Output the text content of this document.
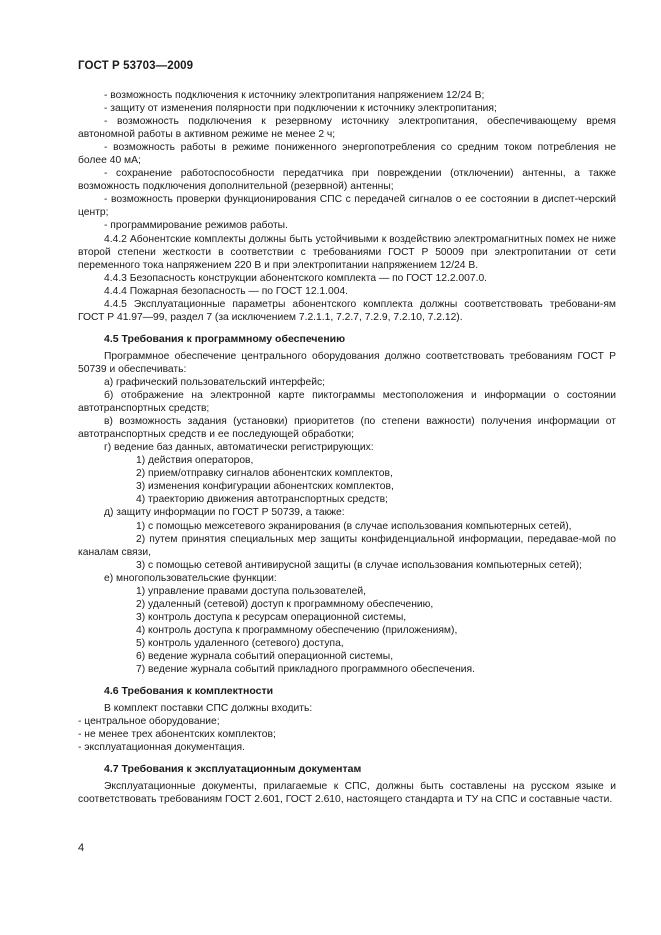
ГОСТ Р 53703—2009

- возможность подключения к источнику электропитания напряжением 12/24 В;

- защиту от изменения полярности при подключении к источнику электропитания;

- возможность подключения к резервному источнику электропитания, обеспечивающему время автономной работы в активном режиме не менее 2 ч;

- возможность работы в режиме пониженного энергопотребления со средним током потребления не более 40 мА;

- сохранение работоспособности передатчика при повреждении (отключении) антенны, а также возможность подключения дополнительной (резервной) антенны;

- возможность проверки функционирования СПС с передачей сигналов о ее состоянии в диспет-черский центр;

- программирование режимов работы.

4.4.2 Абонентские комплекты должны быть устойчивыми к воздействию электромагнитных помех не ниже второй степени жесткости в соответствии с требованиями ГОСТ Р 50009 при электропитании от сети переменного тока напряжением 220 В и при электропитании напряжением 12/24 В.

4.4.3 Безопасность конструкции абонентского комплекта — по ГОСТ 12.2.007.0.

4.4.4 Пожарная безопасность — по ГОСТ 12.1.004.

4.4.5 Эксплуатационные параметры абонентского комплекта должны соответствовать требовани-ям ГОСТ Р 41.97—99, раздел 7 (за исключением 7.2.1.1, 7.2.7, 7.2.9, 7.2.10, 7.2.12).

4.5 Требования к программному обеспечению

Программное обеспечение центрального оборудования должно соответствовать требованиям ГОСТ Р 50739 и обеспечивать:

а) графический пользовательский интерфейс;

б) отображение на электронной карте пиктограммы местоположения и информации о состоянии автотранспортных средств;

в) возможность задания (установки) приоритетов (по степени важности) получения информации от автотранспортных средств и ее последующей обработки;

г) ведение баз данных, автоматически регистрирующих:

1) действия операторов,

2) прием/отправку сигналов абонентских комплектов,

3) изменения конфигурации абонентских комплектов,

4) траекторию движения автотранспортных средств;

д) защиту информации по ГОСТ Р 50739, а также:

1) с помощью межсетевого экранирования (в случае использования компьютерных сетей),

2) путем принятия специальных мер защиты конфиденциальной информации, передавае-мой по каналам связи,

3) с помощью сетевой антивирусной защиты (в случае использования компьютерных сетей);

е) многопользовательские функции:

1) управление правами доступа пользователей,

2) удаленный (сетевой) доступ к программному обеспечению,

3) контроль доступа к ресурсам операционной системы,

4) контроль доступа к программному обеспечению (приложениям),

5) контроль удаленного (сетевого) доступа,

6) ведение журнала событий операционной системы,

7) ведение журнала событий прикладного программного обеспечения.

4.6 Требования к комплектности

В комплект поставки СПС должны входить:

- центральное оборудование;

- не менее трех абонентских комплектов;

- эксплуатационная документация.

4.7 Требования к эксплуатационным документам

Эксплуатационные документы, прилагаемые к СПС, должны быть составлены на русском языке и соответствовать требованиям ГОСТ 2.601, ГОСТ 2.610, настоящего стандарта и ТУ на СПС и составные части.

4
